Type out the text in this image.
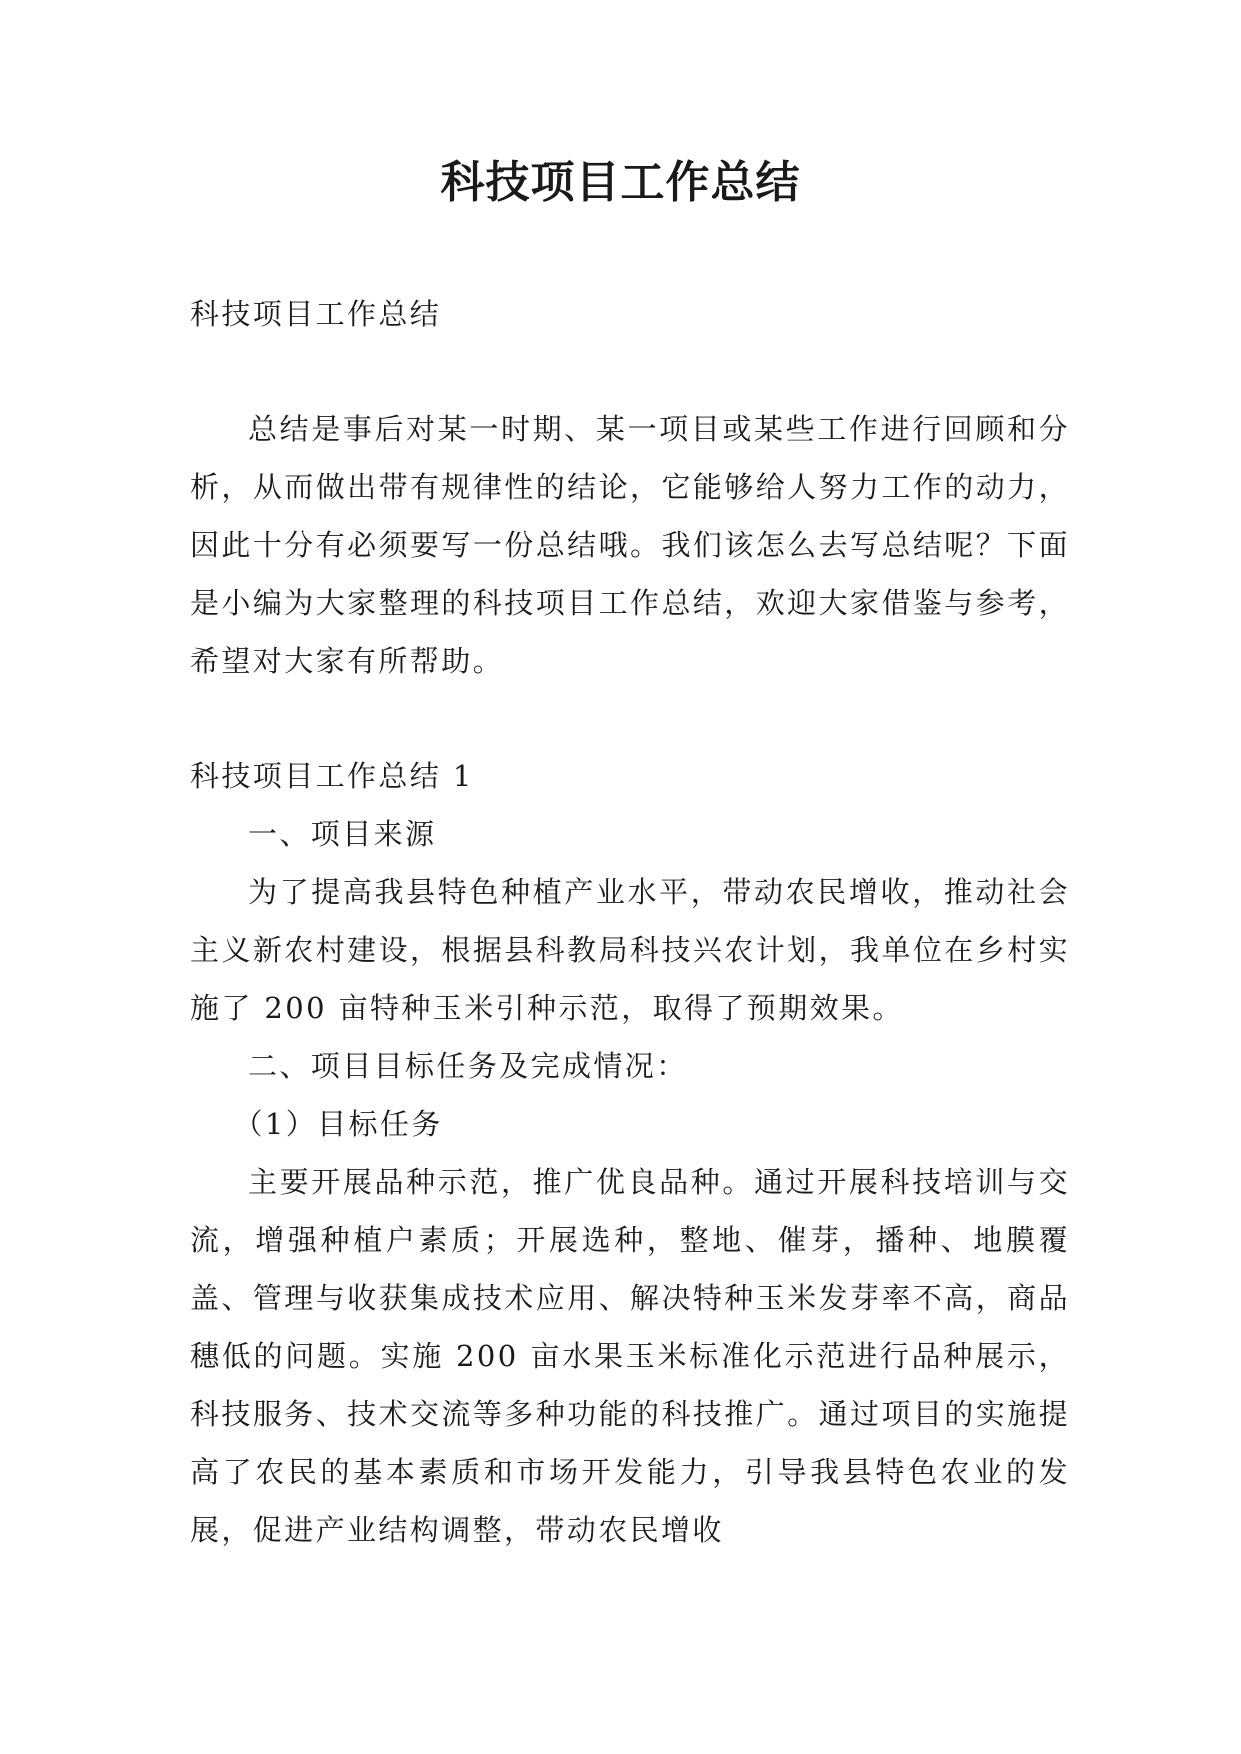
科技项目工作总结

科技项目工作总结

总结是事后对某一时期、某一项目或某些工作进行回顾和分析，从而做出带有规律性的结论，它能够给人努力工作的动力，因此十分有必须要写一份总结哦。我们该怎么去写总结呢？下面是小编为大家整理的科技项目工作总结，欢迎大家借鉴与参考，希望对大家有所帮助。

科技项目工作总结 1

一、项目来源

为了提高我县特色种植产业水平，带动农民增收，推动社会主义新农村建设，根据县科教局科技兴农计划，我单位在乡村实施了 200 亩特种玉米引种示范，取得了预期效果。

二、项目目标任务及完成情况：

（1）目标任务

主要开展品种示范，推广优良品种。通过开展科技培训与交流，增强种植户素质；开展选种，整地、催芽，播种、地膜覆盖、管理与收获集成技术应用、解决特种玉米发芽率不高，商品穗低的问题。实施 200 亩水果玉米标准化示范进行品种展示，科技服务、技术交流等多种功能的科技推广。通过项目的实施提高了农民的基本素质和市场开发能力，引导我县特色农业的发展，促进产业结构调整，带动农民增收
